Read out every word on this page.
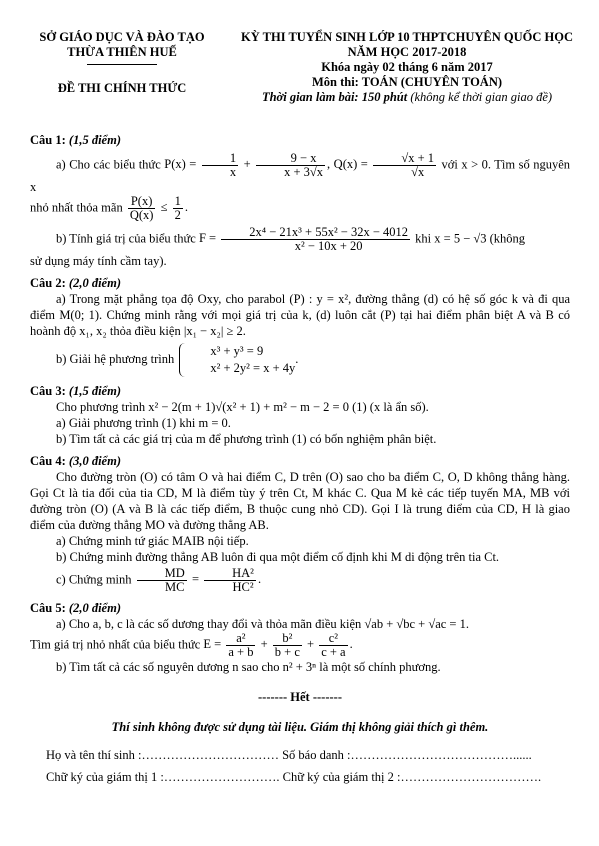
SỞ GIÁO DỤC VÀ ĐÀO TẠO
THỪA THIÊN HUẾ
ĐỀ THI CHÍNH THỨC
KỲ THI TUYỂN SINH LỚP 10 THPTCHUYÊN QUỐC HỌC
NĂM HỌC 2017-2018
Khóa ngày 02 tháng 6 năm 2017
Môn thi: TOÁN (CHUYÊN TOÁN)
Thời gian làm bài: 150 phút (không kể thời gian giao đề)
Câu 1: (1,5 điểm)
a) Cho các biểu thức $P(x) = \frac{1}{x} + \frac{9 - x}{x + 3√x}$ , $Q(x) = \frac{√x + 1}{√x}$ với x > 0. Tìm số nguyên x
nhỏ nhất thỏa mãn $\frac{P(x)}{Q(x)} \le \frac{1}{2}$ .
b) Tính giá trị của biểu thức $F = \frac{\text{2x⁴ − 21x³ + 55x² − 32x − 4012}}{\text{x² − 10x + 20}}$ khi x = 5 − √3 (không
sử dụng máy tính cầm tay).
Câu 2: (2,0 điểm)
a) Trong mặt phẳng tọa độ Oxy, cho parabol (P) : y = x², đường thẳng (d) có hệ số góc k và đi qua điểm M(0; 1). Chứng minh rằng với mọi giá trị của k, (d) luôn cắt (P) tại hai điểm phân biệt A và B có hoành độ x₁, x₂ thỏa điều kiện |x₁ − x₂| ≥ 2.
b) Giải hệ phương trình
x³ + y³ = 9
x² + 2y² = x + 4y
.
Câu 3: (1,5 điểm)
Cho phương trình x² − 2(m + 1)√(x² + 1) + m² − m − 2 = 0 (1) (x là ẩn số).
a) Giải phương trình (1) khi m = 0.
b) Tìm tất cả các giá trị của m để phương trình (1) có bốn nghiệm phân biệt.
Câu 4: (3,0 điểm)
Cho đường tròn (O) có tâm O và hai điểm C, D trên (O) sao cho ba điểm C, O, D không thẳng hàng. Gọi Ct là tia đối của tia CD, M là điểm tùy ý trên Ct, M khác C. Qua M kẻ các tiếp tuyến MA, MB với đường tròn (O) (A và B là các tiếp điểm, B thuộc cung nhỏ CD). Gọi I là trung điểm của CD, H là giao điểm của đường thẳng MO và đường thẳng AB.
a) Chứng minh tứ giác MAIB nội tiếp.
b) Chứng minh đường thẳng AB luôn đi qua một điểm cố định khi M di động trên tia Ct.
c) Chứng minh $\frac{MD}{MC} = \frac{\text{HA²}}{\text{HC²}}$ .
Câu 5: (2,0 điểm)
a) Cho a, b, c là các số dương thay đổi và thỏa mãn điều kiện √ab + √bc + √ac = 1.
Tìm giá trị nhỏ nhất của biểu thức $E = \frac{\text{a²}}{a + b} + \frac{\text{b²}}{b + c} + \frac{\text{c²}}{c + a}$ .
b) Tìm tất cả các số nguyên dương n sao cho n² + 3ⁿ là một số chính phương.
------- Hết -------
Thí sinh không được sử dụng tài liệu. Giám thị không giải thích gì thêm.
Họ và tên thí sinh :…………………………… Số báo danh :…………………………………......
Chữ ký của giám thị 1 :………………………. Chữ ký của giám thị 2 :…………………………….
